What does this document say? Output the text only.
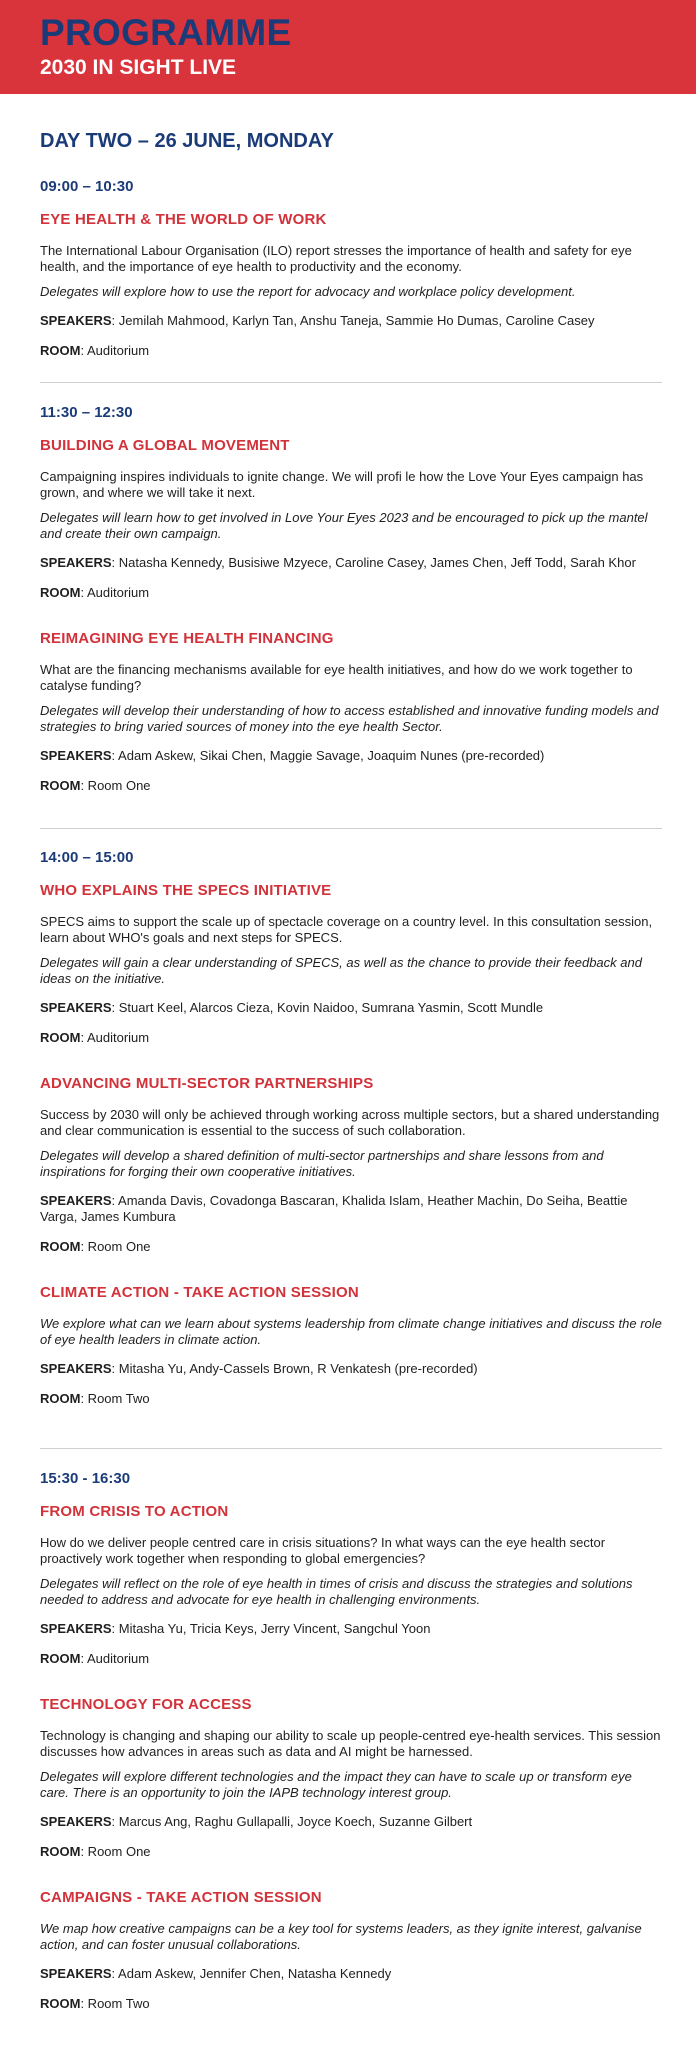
PROGRAMME
2030 IN SIGHT LIVE
DAY TWO – 26 JUNE, MONDAY
09:00 – 10:30
EYE HEALTH & THE WORLD OF WORK
The International Labour Organisation (ILO) report stresses the importance of health and safety for eye health, and the importance of eye health to productivity and the economy.
Delegates will explore how to use the report for advocacy and workplace policy development.
SPEAKERS: Jemilah Mahmood, Karlyn Tan, Anshu Taneja, Sammie Ho Dumas, Caroline Casey
ROOM: Auditorium
11:30 – 12:30
BUILDING A GLOBAL MOVEMENT
Campaigning inspires individuals to ignite change. We will profi le how the Love Your Eyes campaign has grown, and where we will take it next.
Delegates will learn how to get involved in Love Your Eyes 2023 and be encouraged to pick up the mantel and create their own campaign.
SPEAKERS: Natasha Kennedy, Busisiwe Mzyece, Caroline Casey, James Chen, Jeff Todd, Sarah Khor
ROOM: Auditorium
REIMAGINING EYE HEALTH FINANCING
What are the financing mechanisms available for eye health initiatives, and how do we work together to catalyse funding?
Delegates will develop their understanding of how to access established and innovative funding models and strategies to bring varied sources of money into the eye health Sector.
SPEAKERS: Adam Askew, Sikai Chen, Maggie Savage, Joaquim Nunes (pre-recorded)
ROOM: Room One
14:00 – 15:00
WHO EXPLAINS THE SPECS INITIATIVE
SPECS aims to support the scale up of spectacle coverage on a country level. In this consultation session, learn about WHO's goals and next steps for SPECS.
Delegates will gain a clear understanding of SPECS, as well as the chance to provide their feedback and ideas on the initiative.
SPEAKERS: Stuart Keel, Alarcos Cieza, Kovin Naidoo, Sumrana Yasmin, Scott Mundle
ROOM: Auditorium
ADVANCING MULTI-SECTOR PARTNERSHIPS
Success by 2030 will only be achieved through working across multiple sectors, but a shared understanding and clear communication is essential to the success of such collaboration.
Delegates will develop a shared definition of multi-sector partnerships and share lessons from and inspirations for forging their own cooperative initiatives.
SPEAKERS: Amanda Davis, Covadonga Bascaran, Khalida Islam, Heather Machin, Do Seiha, Beattie Varga, James Kumbura
ROOM: Room One
CLIMATE ACTION - TAKE ACTION SESSION
We explore what can we learn about systems leadership from climate change initiatives and discuss the role of eye health leaders in climate action.
SPEAKERS: Mitasha Yu, Andy-Cassels Brown, R Venkatesh (pre-recorded)
ROOM: Room Two
15:30 - 16:30
FROM CRISIS TO ACTION
How do we deliver people centred care in crisis situations? In what ways can the eye health sector proactively work together when responding to global emergencies?
Delegates will reflect on the role of eye health in times of crisis and discuss the strategies and solutions needed to address and advocate for eye health in challenging environments.
SPEAKERS: Mitasha Yu, Tricia Keys, Jerry Vincent, Sangchul Yoon
ROOM: Auditorium
TECHNOLOGY FOR ACCESS
Technology is changing and shaping our ability to scale up people-centred eye-health services. This session discusses how advances in areas such as data and AI might be harnessed.
Delegates will explore different technologies and the impact they can have to scale up or transform eye care. There is an opportunity to join the IAPB technology interest group.
SPEAKERS: Marcus Ang, Raghu Gullapalli, Joyce Koech, Suzanne Gilbert
ROOM: Room One
CAMPAIGNS - TAKE ACTION SESSION
We map how creative campaigns can be a key tool for systems leaders, as they ignite interest, galvanise action, and can foster unusual collaborations.
SPEAKERS: Adam Askew, Jennifer Chen, Natasha Kennedy
ROOM: Room Two
